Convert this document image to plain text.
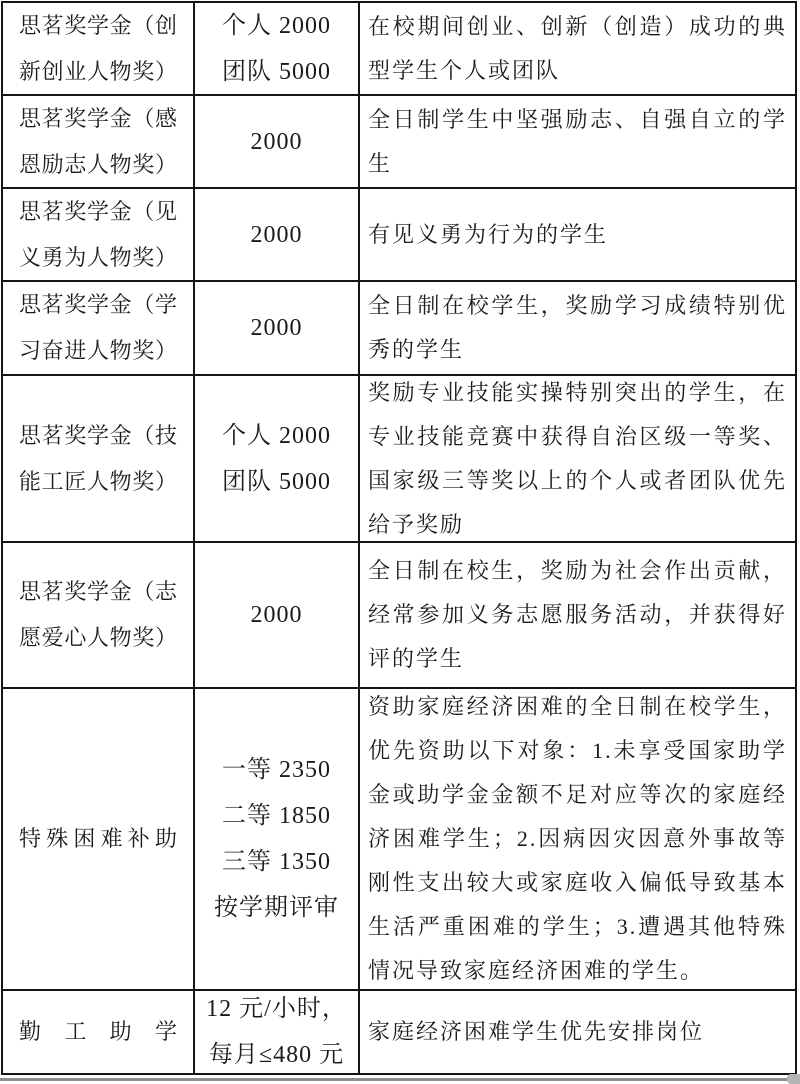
思茗奖学金（创新创业人物奖）
个人 2000
团队 5000
在校期间创业、创新（创造）成功的典型学生个人或团队
思茗奖学金（感恩励志人物奖）
2000
全日制学生中坚强励志、自强自立的学生
思茗奖学金（见义勇为人物奖）
2000	有见义勇为行为的学生
思茗奖学金（学习奋进人物奖）
2000
全日制在校学生，奖励学习成绩特别优秀的学生
思茗奖学金（技能工匠人物奖）
个人 2000
团队 5000
奖励专业技能实操特别突出的学生，在专业技能竞赛中获得自治区级一等奖、国家级三等奖以上的个人或者团队优先给予奖励
思茗奖学金（志愿爱心人物奖）
2000
全日制在校生，奖励为社会作出贡献，经常参加义务志愿服务活动，并获得好评的学生
特殊困难补助
一等 2350
二等 1850
三等 1350
按学期评审
资助家庭经济困难的全日制在校学生，优先资助以下对象：1.未享受国家助学金或助学金金额不足对应等次的家庭经济困难学生；2.因病因灾因意外事故等刚性支出较大或家庭收入偏低导致基本生活严重困难的学生；3.遭遇其他特殊情况导致家庭经济困难的学生。
勤工助学
12 元/小时，
每月≤480 元
家庭经济困难学生优先安排岗位
